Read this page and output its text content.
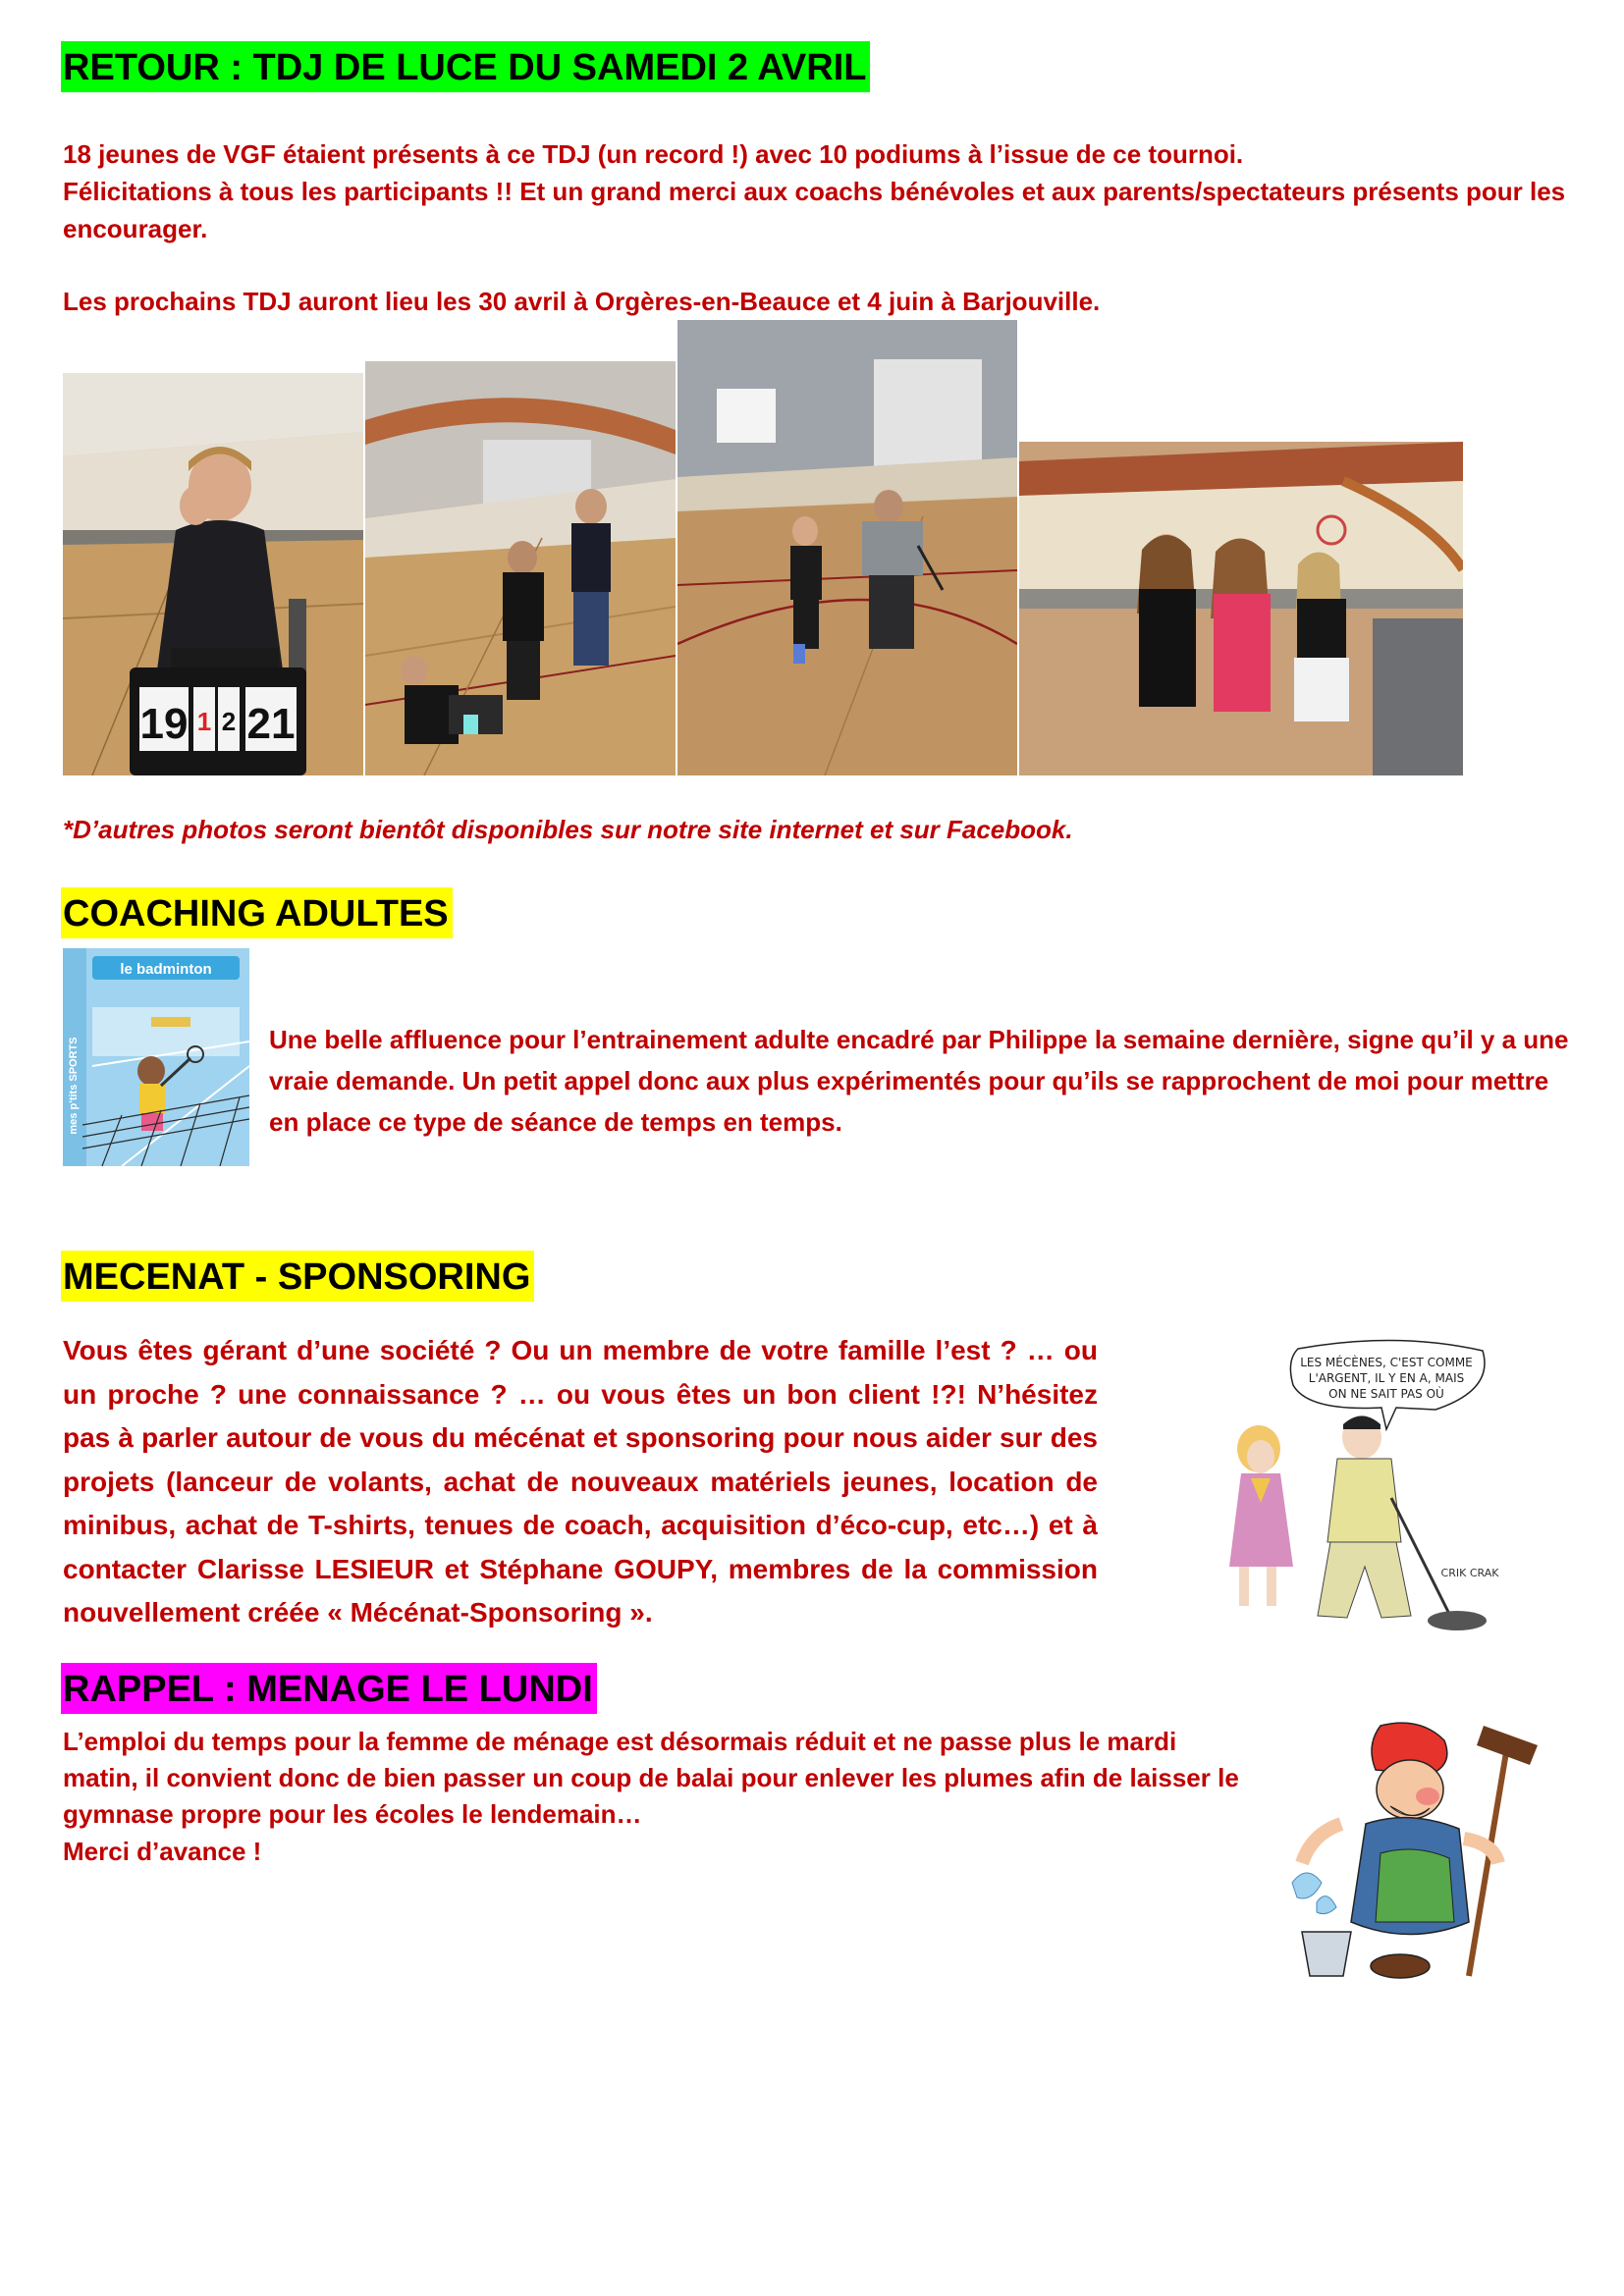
RETOUR : TDJ DE LUCE DU SAMEDI 2 AVRIL

18 jeunes de VGF étaient présents à ce TDJ (un record !) avec 10 podiums à l’issue de ce tournoi.

Félicitations à tous les participants !! Et un grand merci aux coachs bénévoles et aux parents/spectateurs présents pour les encourager.

Les prochains TDJ auront lieu les 30 avril à Orgères-en-Beauce et 4 juin à Barjouville.

19 1 2 21

*D’autres photos seront bientôt disponibles sur notre site internet et sur Facebook.

COACHING ADULTES
le badminton
mes p'tits SPORTS	Une belle affluence pour l’entrainement adulte encadré par Philippe la semaine dernière, signe qu’il y a une vraie demande. Un petit appel donc aux plus expérimentés pour qu’ils se rapprochent de moi pour mettre en place ce type de séance de temps en temps.

MECENAT - SPONSORING

Vous êtes gérant d’une société ? Ou un membre de votre famille l’est ? … ou un proche ? une connaissance ? … ou vous êtes un bon client !?! N’hésitez pas à parler autour de vous du mécénat et sponsoring pour nous aider sur des projets (lanceur de volants, achat de nouveaux matériels jeunes, location de minibus, achat de T-shirts, tenues de coach, acquisition d’éco-cup, etc…) et à contacter Clarisse LESIEUR et Stéphane GOUPY, membres de la commission nouvellement créée « Mécénat-Sponsoring ».

LES MÉCÈNES, C'EST COMME
L'ARGENT, IL Y EN A, MAIS
ON NE SAIT PAS OÙ
CRIK CRAK
RAPPEL : MENAGE LE LUNDI

L’emploi du temps pour la femme de ménage est désormais réduit et ne passe plus le mardi matin, il convient donc de bien passer un coup de balai pour enlever les plumes afin de laisser le gymnase propre pour les écoles le lendemain…

Merci d’avance !
